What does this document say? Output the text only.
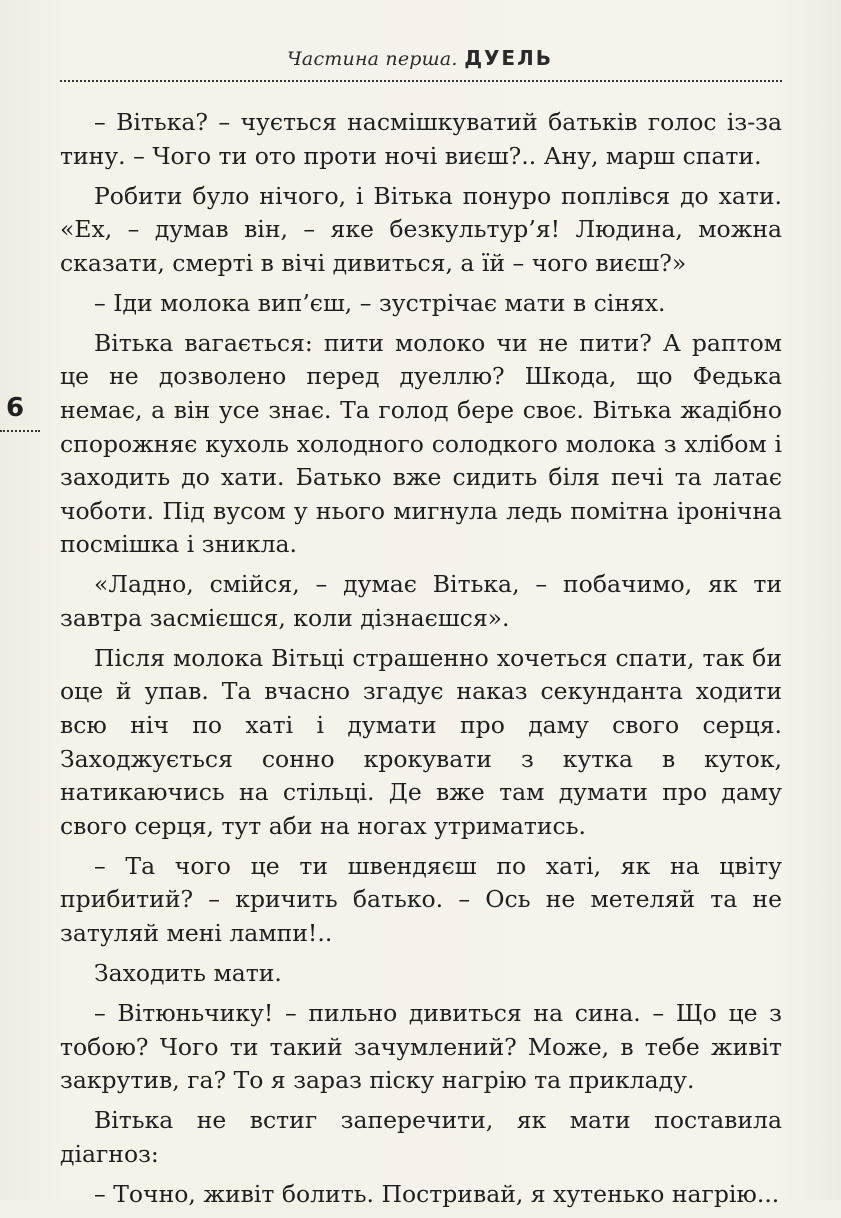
Частина перша. ДУЕЛЬ
6

– Вітька? – чується насмішкуватий батьків голос із-за тину. – Чого ти ото проти ночі виєш?.. Ану, марш спати.

Робити було нічого, і Вітька понуро поплівся до хати. «Ех, – думав він, – яке безкультур’я! Людина, можна сказати, смерті в вічі дивиться, а їй – чого виєш?»

– Іди молока вип’єш, – зустрічає мати в сінях.

Вітька вагається: пити молоко чи не пити? А раптом це не дозволено перед дуеллю? Шкода, що Федька немає, а він усе знає. Та голод бере своє. Вітька жадібно спорожняє кухоль холодного солодкого молока з хлібом і заходить до хати. Батько вже сидить біля печі та латає чоботи. Під вусом у нього мигнула ледь помітна іронічна посмішка і зникла.

«Ладно, смійся, – думає Вітька, – побачимо, як ти завтра засмієшся, коли дізнаєшся».

Після молока Вітьці страшенно хочеться спати, так би оце й упав. Та вчасно згадує наказ секунданта ходити всю ніч по хаті і думати про даму свого серця. Заходжується сонно крокувати з кутка в куток, натикаючись на стільці. Де вже там думати про даму свого серця, тут аби на ногах утриматись.

– Та чого це ти швендяєш по хаті, як на цвіту прибитий? – кричить батько. – Ось не метеляй та не затуляй мені лампи!..

Заходить мати.

– Вітюньчику! – пильно дивиться на сина. – Що це з тобою? Чого ти такий зачумлений? Може, в тебе живіт закрутив, га? То я зараз піску нагрію та прикладу.

Вітька не встиг заперечити, як мати поставила діагноз:

– Точно, живіт болить. Постривай, я хутенько нагрію...
